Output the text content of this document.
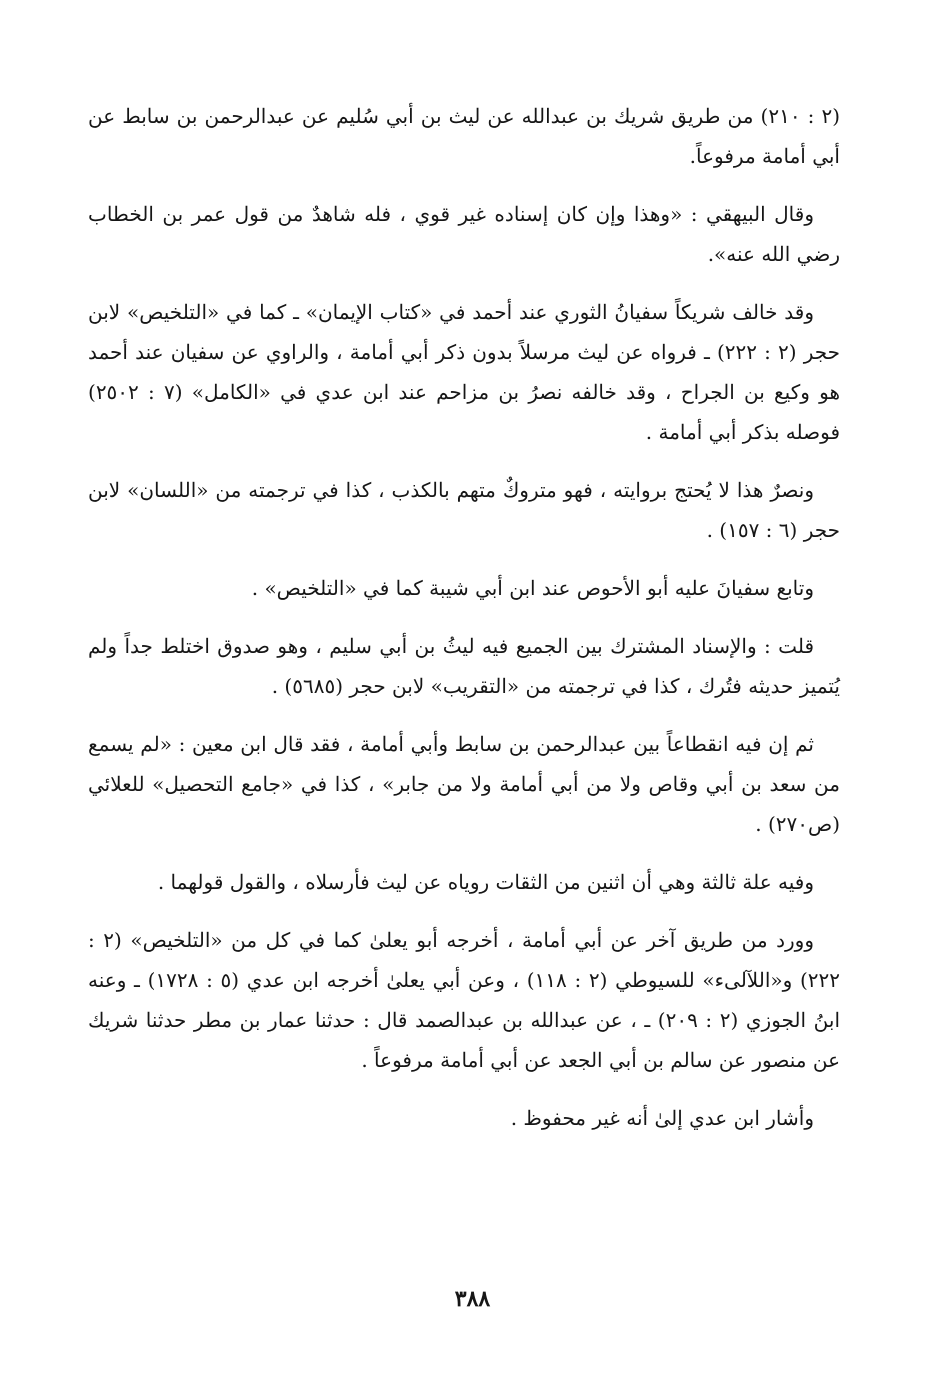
(٢ : ٢١٠) من طريق شريك بن عبدالله عن ليث بن أبي سُليم عن عبدالرحمن بن سابط عن أبي أمامة مرفوعاً.

وقال البيهقي : «وهذا وإن كان إسناده غير قوي ، فله شاهدٌ من قول عمر بن الخطاب رضي الله عنه».

وقد خالف شريكاً سفيانُ الثوري عند أحمد في «كتاب الإيمان» ـ كما في «التلخيص» لابن حجر (٢ : ٢٢٢) ـ فرواه عن ليث مرسلاً بدون ذكر أبي أمامة ، والراوي عن سفيان عند أحمد هو وكيع بن الجراح ، وقد خالفه نصرُ بن مزاحم عند ابن عدي في «الكامل» (٧ : ٢٥٠٢) فوصله بذكر أبي أمامة .

ونصرٌ هذا لا يُحتج بروايته ، فهو متروكٌ متهم بالكذب ، كذا في ترجمته من «اللسان» لابن حجر (٦ : ١٥٧) .

وتابع سفيانَ عليه أبو الأحوص عند ابن أبي شيبة كما في «التلخيص» .

قلت : والإسناد المشترك بين الجميع فيه ليثُ بن أبي سليم ، وهو صدوق اختلط جداً ولم يُتميز حديثه فتُرك ، كذا في ترجمته من «التقريب» لابن حجر (٥٦٨٥) .

ثم إن فيه انقطاعاً بين عبدالرحمن بن سابط وأبي أمامة ، فقد قال ابن معين : «لم يسمع من سعد بن أبي وقاص ولا من أبي أمامة ولا من جابر» ، كذا في «جامع التحصيل» للعلائي (ص٢٧٠) .

وفيه علة ثالثة وهي أن اثنين من الثقات روياه عن ليث فأرسلاه ، والقول قولهما .

وورد من طريق آخر عن أبي أمامة ، أخرجه أبو يعلىٰ كما في كل من «التلخيص» (٢ : ٢٢٢) و«اللآلىء» للسيوطي (٢ : ١١٨) ، وعن أبي يعلىٰ أخرجه ابن عدي (٥ : ١٧٢٨) ـ وعنه ابنُ الجوزي (٢ : ٢٠٩) ـ ، عن عبدالله بن عبدالصمد قال : حدثنا عمار بن مطر حدثنا شريك عن منصور عن سالم بن أبي الجعد عن أبي أمامة مرفوعاً .

وأشار ابن عدي إلىٰ أنه غير محفوظ .

٣٨٨
